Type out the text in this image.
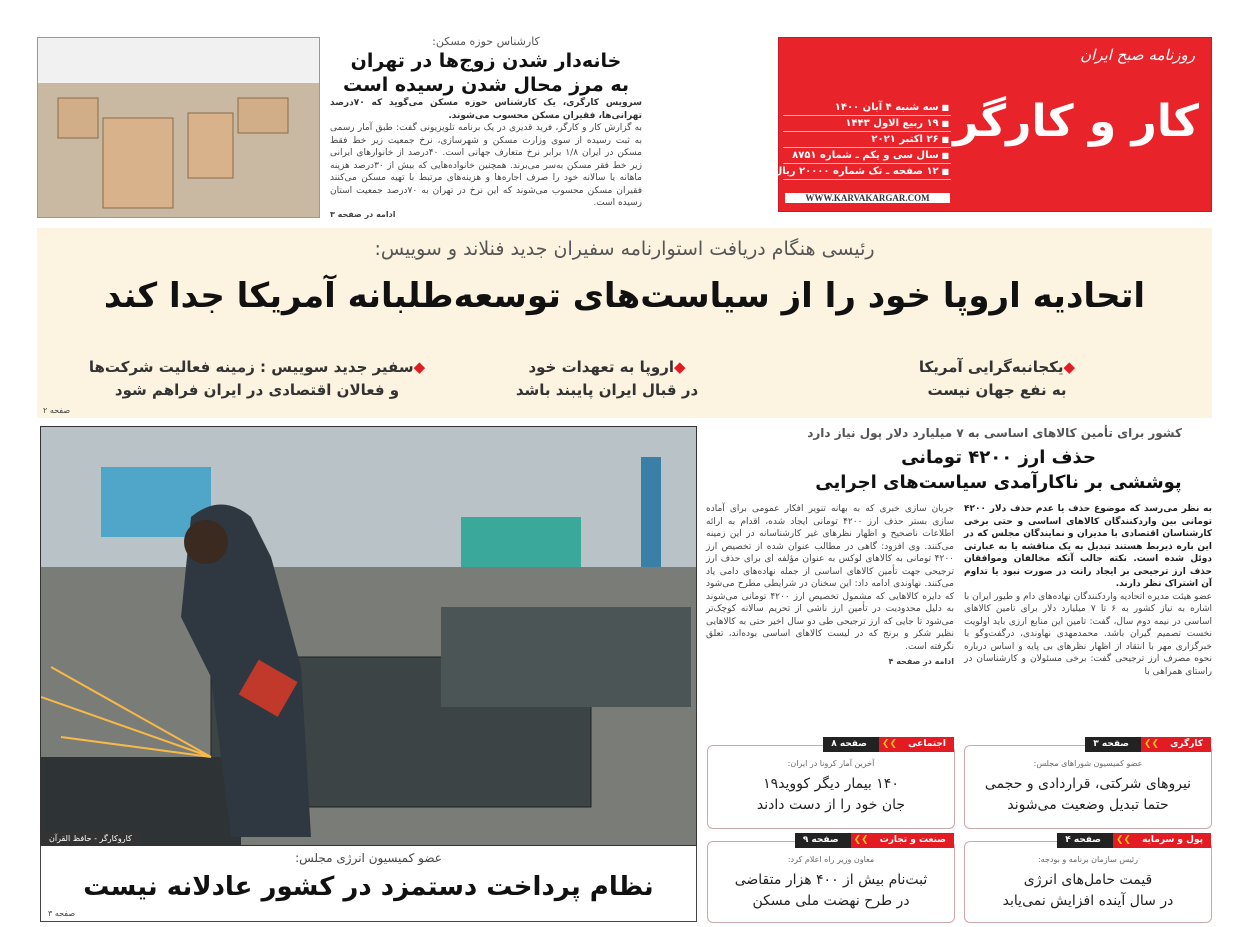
روزنامه صبح ایران
کار و کارگر
■ سه شنبه ۴ آبان ۱۴۰۰
■ ۱۹ ربیع الاول ۱۴۴۳
■ ۲۶ اکتبر ۲۰۲۱
■ سال سی و یکم ـ شماره ۸۷۵۱
■ ۱۲ صفحه ـ تک شماره ۲۰۰۰۰ ریال
WWW.KARVAKARGAR.COM
کارشناس حوزه مسکن:
خانه‌دار شدن زوج‌ها در تهران
به مرز محال شدن رسیده است
سرویس کارگری، یک کارشناس حوزه مسکن می‌گوید که ۷۰درصد تهرانی‌ها، فقیران مسکن محسوب می‌شوند.
به گزارش کار و کارگر، فرید قدیری در یک برنامه تلویزیونی گفت: طبق آمار رسمی به ثبت رسیده از سوی وزارت مسکن و شهرسازی، نرخ جمعیت زیر خط فقط مسکن در ایران ۱/۸ برابر نرخ متعارف جهانی است. ۴۰درصد از خانوارهای ایرانی زیر خط فقر مسکن به‌سر می‌برند. همچنین خانواده‌هایی که بیش از ۳۰درصد هزینه ماهانه یا سالانه خود را صرف اجاره‌ها و هزینه‌های مرتبط با تهیه مسکن می‌کنند فقیران مسکن محسوب می‌شوند که این نرخ در تهران به ۷۰درصد جمعیت استان رسیده است.
ادامه در صفحه ۳
رئیسی هنگام دریافت استوارنامه سفیران جدید فنلاند و سوییس:
اتحادیه اروپا خود را از سیاست‌های توسعه‌طلبانه آمریکا جدا کند
◆یکجانبه‌گرایی آمریکا
به نفع جهان نیست
◆اروپا به تعهدات خود
در قبال ایران پایبند باشد
◆سفیر جدید سوییس : زمینه فعالیت شرکت‌ها
و فعالان اقتصادی در ایران فراهم شود
صفحه ۲
کاروکارگر - حافظ القرآن
عضو کمیسیون انرژی مجلس:
نظام پرداخت دستمزد در کشور عادلانه نیست
صفحه ۳
کشور برای تأمین کالاهای اساسی به ۷ میلیارد دلار پول نیاز دارد
حذف ارز ۴۲۰۰ تومانی
پوششی بر ناکارآمدی سیاست‌های اجرایی
به نظر می‌رسد که موضوع حذف یا عدم حذف دلار ۴۲۰۰ تومانی بین واردکنندگان کالاهای اساسی و حتی برخی کارشناسان اقتصادی با مدیران و نمایندگان مجلس که در این باره ذیربط هستند تبدیل به یک مناقشه یا به عبارتی دوئل شده است. نکته جالب آنکه مخالفان وموافقان حذف ارز ترجیحی بر ایجاد رانت در صورت نبود یا تداوم آن اشتراک نظر دارند.
عضو هیئت مدیره اتحادیه واردکنندگان نهاده‌های دام و طیور ایران با اشاره به نیاز کشور به ۶ تا ۷ میلیارد دلار برای تامین کالاهای اساسی در نیمه دوم سال، گفت: تامین این منابع ارزی باید اولویت نخست تصمیم گیران باشد. محمدمهدی نهاوندی، درگفت‌وگو با خبرگزاری مهر با انتقاد از اظهار نظرهای بی پایه و اساس درباره نحوه مصرف ارز ترجیحی گفت: برخی مسئولان و کارشناسان در راستای همراهی با
جریان سازی خبری که به بهانه تنویر افکار عمومی برای آماده سازی بستر حذف ارز ۴۲۰۰ تومانی ایجاد شده، اقدام به ارائه اطلاعات ناصحیح و اظهار نظرهای غیر کارشناسانه در این زمینه می‌کنند. وی افزود: گاهی در مطالب عنوان شده از تخصیص ارز ۴۲۰۰ تومانی به کالاهای لوکس به عنوان مؤلفه ای برای حذف ارز ترجیحی جهت تأمین کالاهای اساسی از جمله نهاده‌های دامی یاد می‌کنند. نهاوندی ادامه داد: این سخنان در شرایطی مطرح می‌شود که دایره کالاهایی که مشمول تخصیص ارز ۴۲۰۰ تومانی می‌شوند به دلیل محدودیت در تأمین ارز ناشی از تحریم سالانه کوچک‌تر می‌شود تا جایی که ارز ترجیحی طی دو سال اخیر حتی به کالاهایی نظیر شکر و برنج که در لیست کالاهای اساسی بوده‌اند، تعلق نگرفته است.
ادامه در صفحه ۴
کارگری
❯❯
صفحه ۳
عضو کمیسیون شوراهای مجلس:
نیروهای شرکتی، قراردادی و حجمی
حتما تبدیل وضعیت می‌شوند
اجتماعی
❯❯
صفحه ۸
آخرین آمار کرونا در ایران:
۱۴۰ بیمار دیگر کووید۱۹
جان خود را از دست دادند
پول و سرمایه
❯❯
صفحه ۴
رئیس سازمان برنامه و بودجه:
قیمت حامل‌های انرژی
در سال آینده افزایش نمی‌یابد
صنعت و تجارت
❯❯
صفحه ۹
معاون وزیر راه اعلام کرد:
ثبت‌نام بیش از ۴۰۰ هزار متقاضی
در طرح نهضت ملی مسکن
